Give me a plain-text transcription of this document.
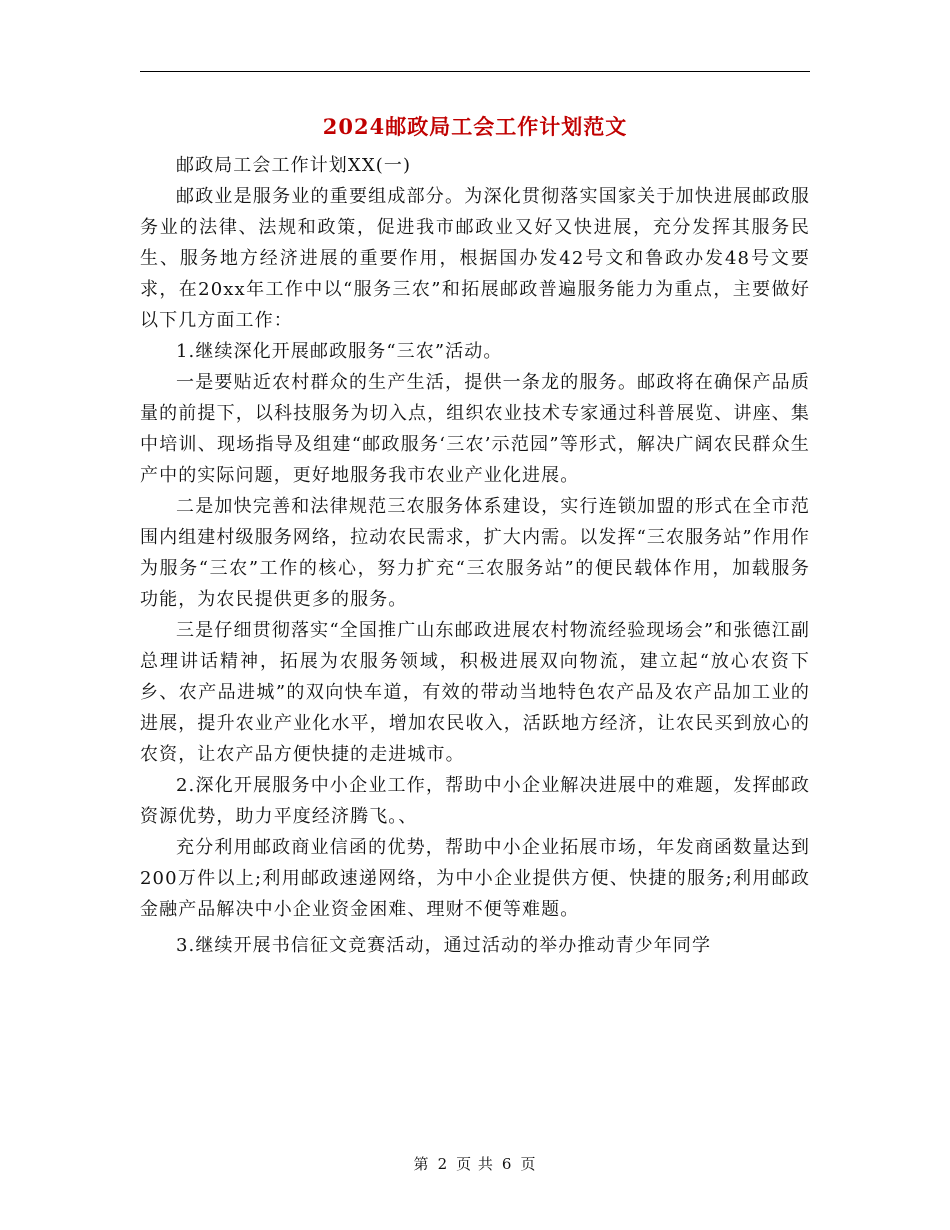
2024邮政局工会工作计划范文

邮政局工会工作计划XX(一)

邮政业是服务业的重要组成部分。为深化贯彻落实国家关于加快进展邮政服务业的法律、法规和政策，促进我市邮政业又好又快进展，充分发挥其服务民生、服务地方经济进展的重要作用，根据国办发42号文和鲁政办发48号文要求，在20xx年工作中以“服务三农”和拓展邮政普遍服务能力为重点，主要做好以下几方面工作：

1.继续深化开展邮政服务“三农”活动。

一是要贴近农村群众的生产生活，提供一条龙的服务。邮政将在确保产品质量的前提下，以科技服务为切入点，组织农业技术专家通过科普展览、讲座、集中培训、现场指导及组建“邮政服务‘三农’示范园”等形式，解决广阔农民群众生产中的实际问题，更好地服务我市农业产业化进展。

二是加快完善和法律规范三农服务体系建设，实行连锁加盟的形式在全市范围内组建村级服务网络，拉动农民需求，扩大内需。以发挥“三农服务站”作用作为服务“三农”工作的核心，努力扩充“三农服务站”的便民载体作用，加载服务功能，为农民提供更多的服务。

三是仔细贯彻落实“全国推广山东邮政进展农村物流经验现场会”和张德江副总理讲话精神，拓展为农服务领域，积极进展双向物流，建立起“放心农资下乡、农产品进城”的双向快车道，有效的带动当地特色农产品及农产品加工业的进展，提升农业产业化水平，增加农民收入，活跃地方经济，让农民买到放心的农资，让农产品方便快捷的走进城市。

2.深化开展服务中小企业工作，帮助中小企业解决进展中的难题，发挥邮政资源优势，助力平度经济腾飞。、

充分利用邮政商业信函的优势，帮助中小企业拓展市场，年发商函数量达到200万件以上;利用邮政速递网络，为中小企业提供方便、快捷的服务;利用邮政金融产品解决中小企业资金困难、理财不便等难题。

3.继续开展书信征文竞赛活动，通过活动的举办推动青少年同学

第 2 页 共 6 页
